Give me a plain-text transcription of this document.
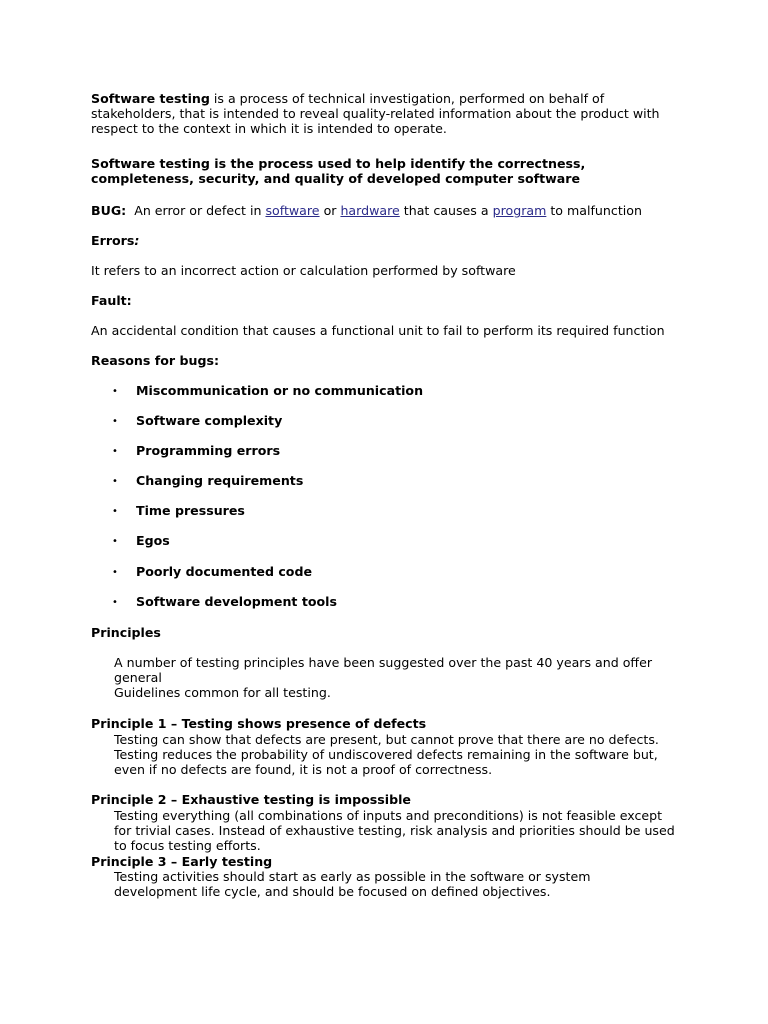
Software testing is a process of technical investigation, performed on behalf of stakeholders, that is intended to reveal quality-related information about the product with respect to the context in which it is intended to operate.
Software testing is the process used to help identify the correctness, completeness, security, and quality of developed computer software
BUG:  An error or defect in software or hardware that causes a program to malfunction
Errors:
It refers to an incorrect action or calculation performed by software
Fault:
An accidental condition that causes a functional unit to fail to perform its required function
Reasons for bugs:
• Miscommunication or no communication
• Software complexity
• Programming errors
• Changing requirements
• Time pressures
• Egos
• Poorly documented code
• Software development tools
Principles
A number of testing principles have been suggested over the past 40 years and offer
general
Guidelines common for all testing.
Principle 1 – Testing shows presence of defects
Testing can show that defects are present, but cannot prove that there are no defects.
Testing reduces the probability of undiscovered defects remaining in the software but,
even if no defects are found, it is not a proof of correctness.
Principle 2 – Exhaustive testing is impossible
Testing everything (all combinations of inputs and preconditions) is not feasible except
for trivial cases. Instead of exhaustive testing, risk analysis and priorities should be used
to focus testing efforts.
Principle 3 – Early testing
Testing activities should start as early as possible in the software or system
development life cycle, and should be focused on defined objectives.
